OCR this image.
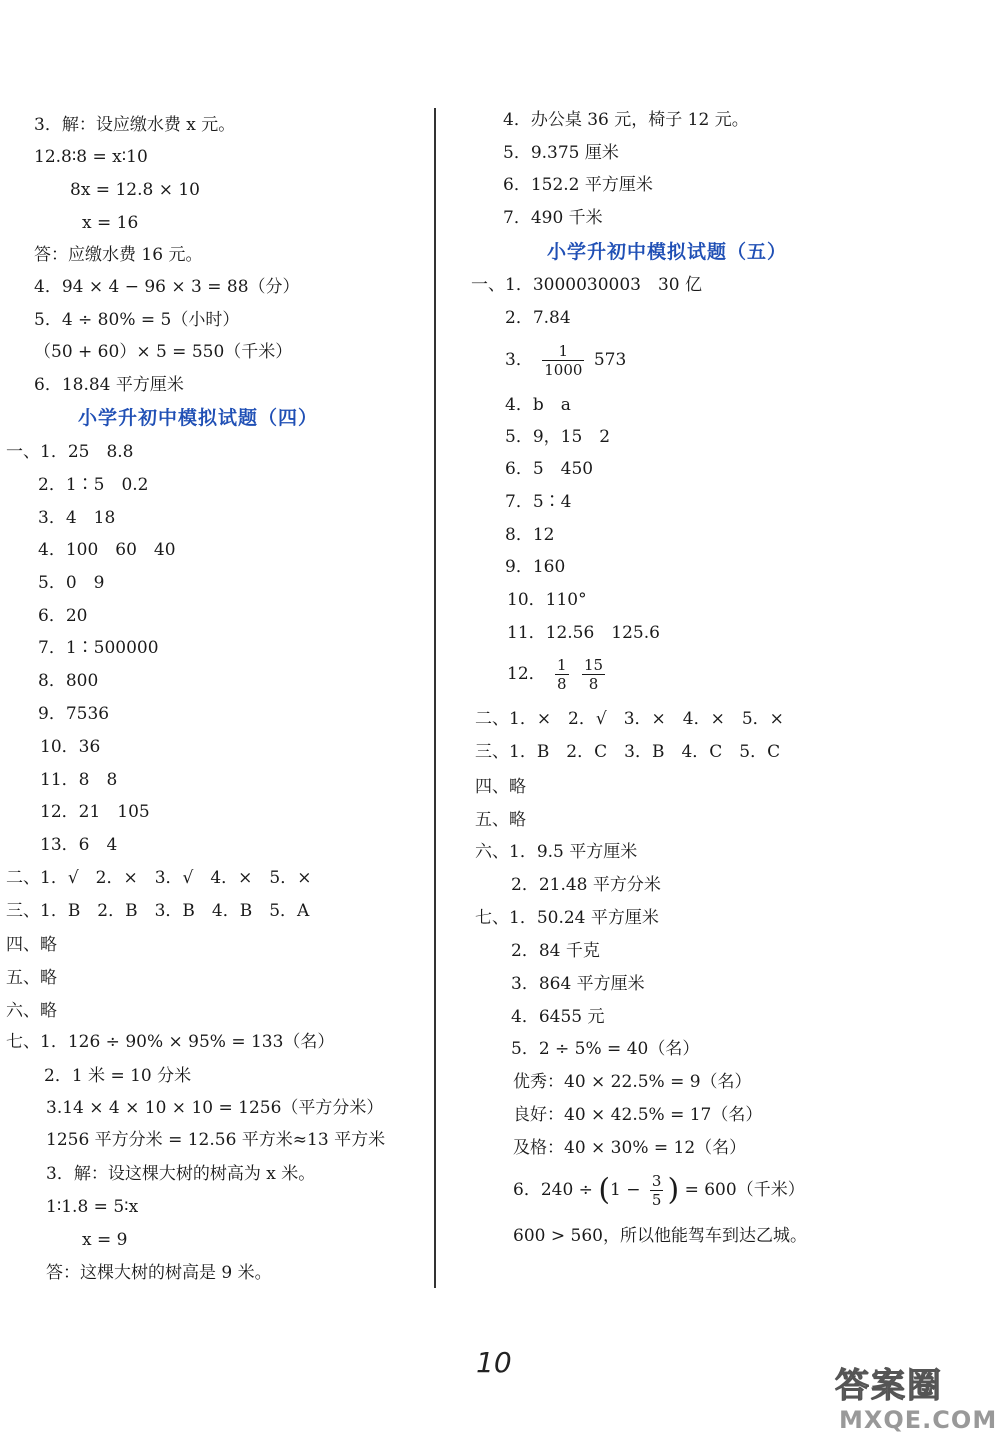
3．解：设应缴水费 x 元。
12.8∶8 = x∶10
8x = 12.8 × 10
x = 16
答：应缴水费 16 元。
4．94 × 4 − 96 × 3 = 88（分）
5．4 ÷ 80% = 5（小时）
（50 + 60）× 5 = 550（千米）
6．18.84 平方厘米
小学升初中模拟试题（四）
一、1．25　8.8
2．1∶5　0.2
3．4　18
4．100　60　40
5．0　9
6．20
7．1∶500000
8．800
9．7536
10．36
11．8　8
12．21　105
13．6　4
二、1．√　2．×　3．√　4．×　5．×
三、1．B　2．B　3．B　4．B　5．A
四、略
五、略
六、略
七、1．126 ÷ 90% × 95% = 133（名）
2．1 米 = 10 分米
3.14 × 4 × 10 × 10 = 1256（平方分米）
1256 平方分米 = 12.56 平方米≈13 平方米
3．解：设这棵大树的树高为 x 米。
1∶1.8 = 5∶x
x = 9
答：这棵大树的树高是 9 米。
4．办公桌 36 元，椅子 12 元。
5．9.375 厘米
6．152.2 平方厘米
7．490 千米
小学升初中模拟试题（五）
一、1．3000030003　30 亿
2．7.84
3． $\frac{1}{1000} 573$
4．b　a
5．9，15　2
6．5　450
7．5∶4
8．12
9．160
10．110°
11．12.56　125.6
12． $\frac{1}{8}$
$\frac{15}{8}$
二、1．×　2．√　3．×　4．×　5．×
三、1．B　2．C　3．B　4．C　5．C
四、略
五、略
六、1．9.5 平方厘米
2．21.48 平方分米
七、1．50.24 平方厘米
2．84 千克
3．864 平方厘米
4．6455 元
5．2 ÷ 5% = 40（名）
优秀：40 × 22.5% = 9（名）
良好：40 × 42.5% = 17（名）
及格：40 × 30% = 12（名）
6．$240 \div (1 - \frac{3}{5}$ ) = 600（千米）
600 > 560，所以他能驾车到达乙城。
10
答案圈
MXQE.COM
